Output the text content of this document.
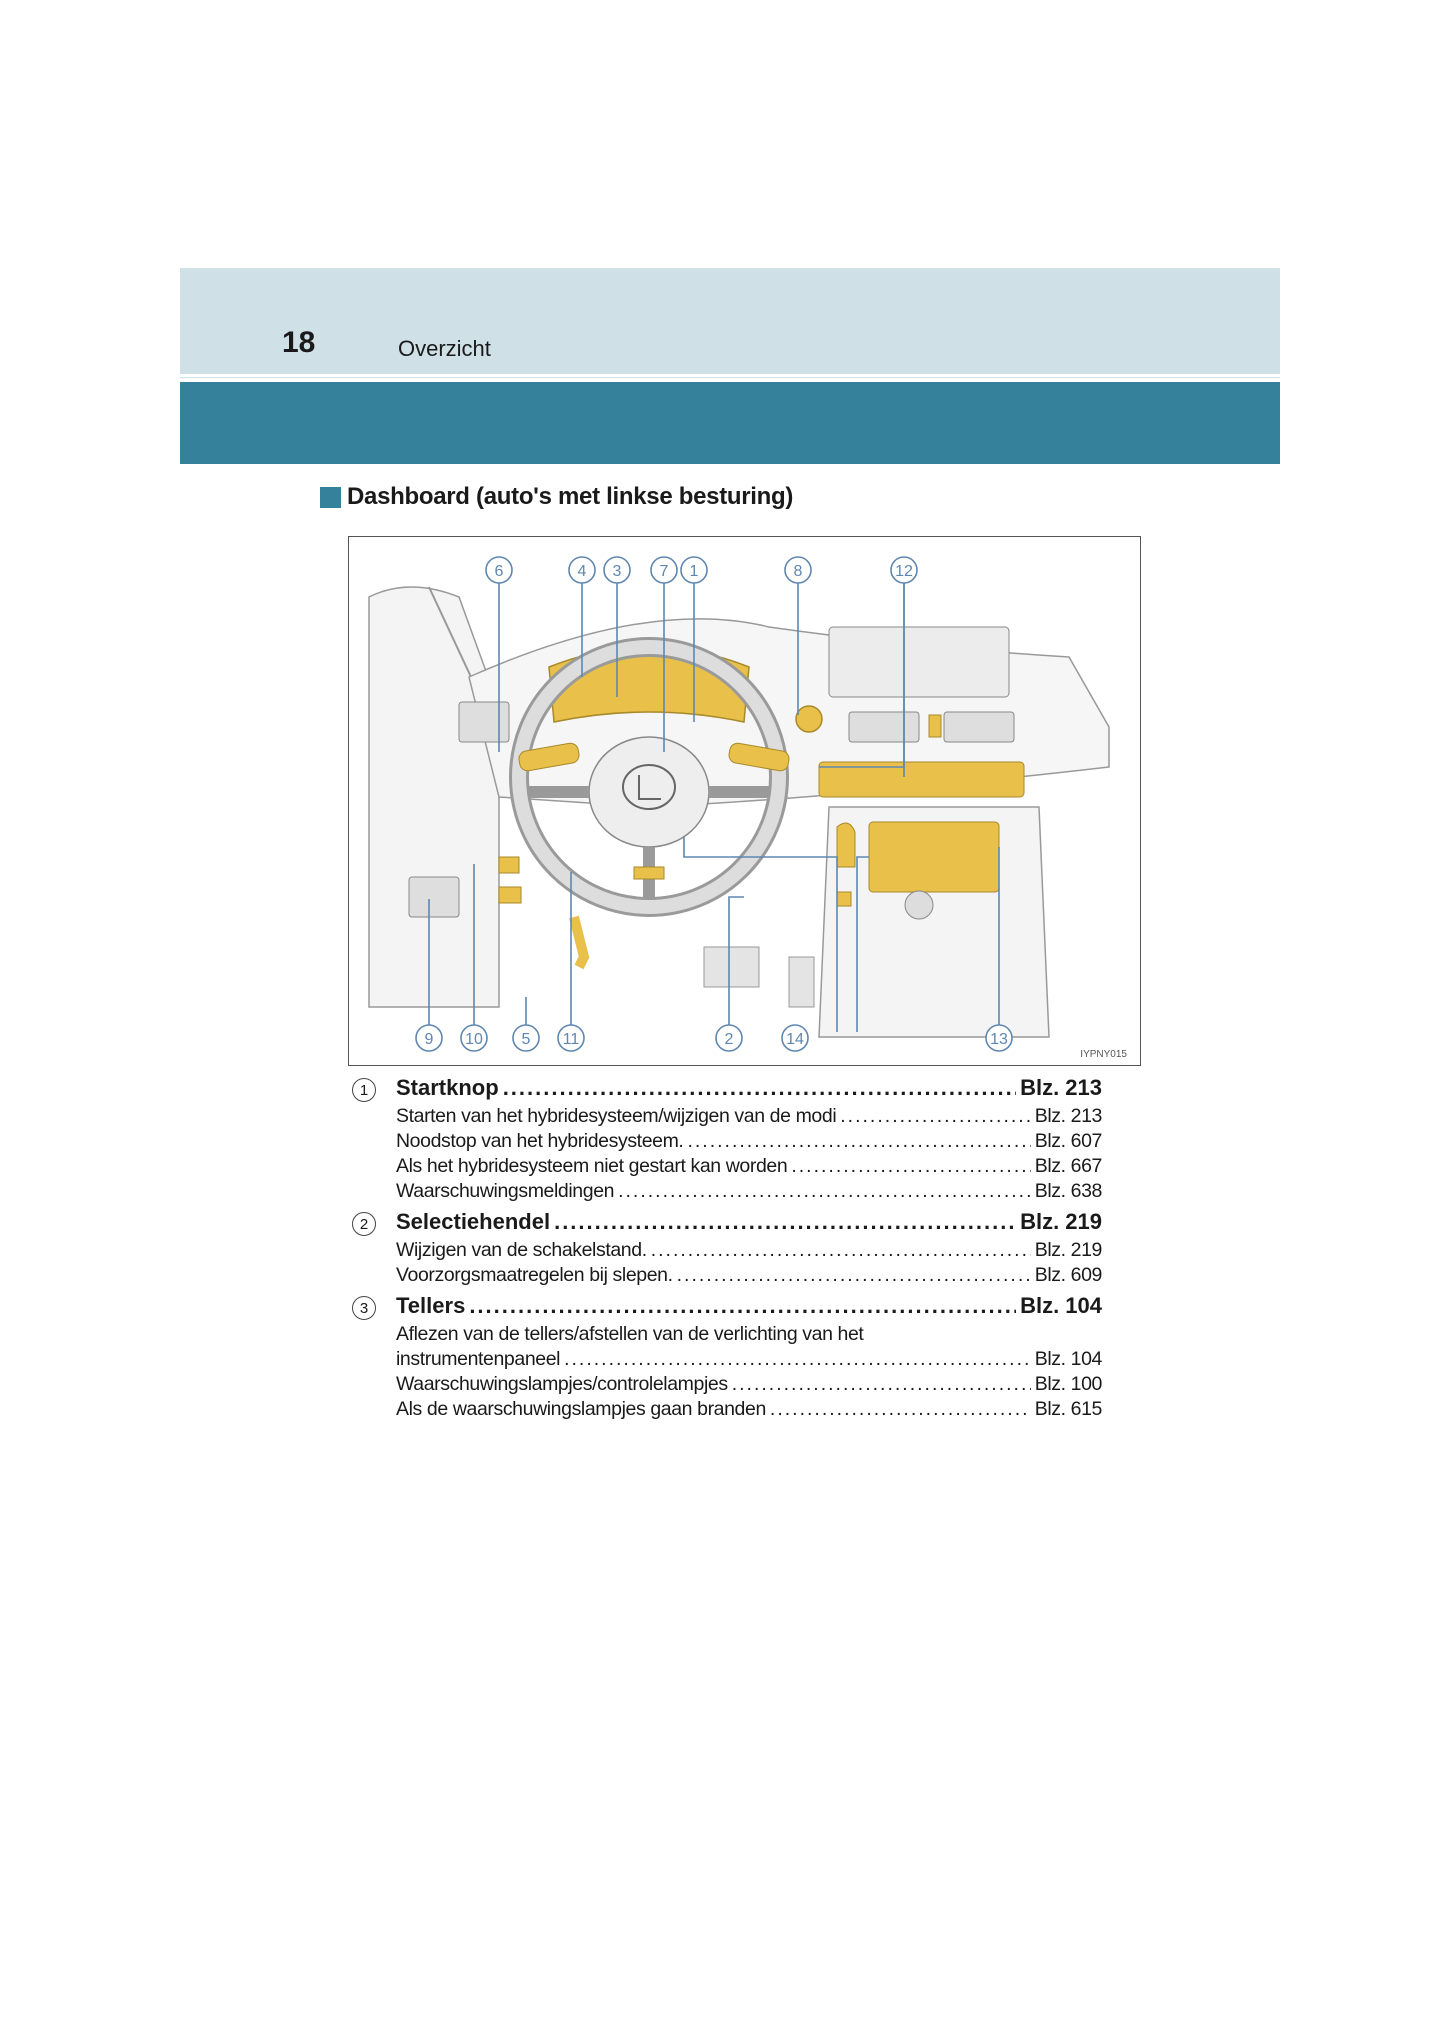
18	Overzicht
Dashboard (auto's met linkse besturing)
6	4 3 7 1	8	12
9 10 5 11	2	14	13
IYPNY015
1	Startknop .....	Blz. 213
Starten van het hybridesysteem/wijzigen van de modi .....	Blz. 213
Noodstop van het hybridesysteem. .....	Blz. 607
Als het hybridesysteem niet gestart kan worden .....	Blz. 667
Waarschuwingsmeldingen .....	Blz. 638
2	Selectiehendel .....	Blz. 219
Wijzigen van de schakelstand. .....	Blz. 219
Voorzorgsmaatregelen bij slepen. .....	Blz. 609
3	Tellers .....	Blz. 104
Aflezen van de tellers/afstellen van de verlichting van het
instrumentenpaneel .....	Blz. 104
Waarschuwingslampjes/controlelampjes .....	Blz. 100
Als de waarschuwingslampjes gaan branden .....	Blz. 615
